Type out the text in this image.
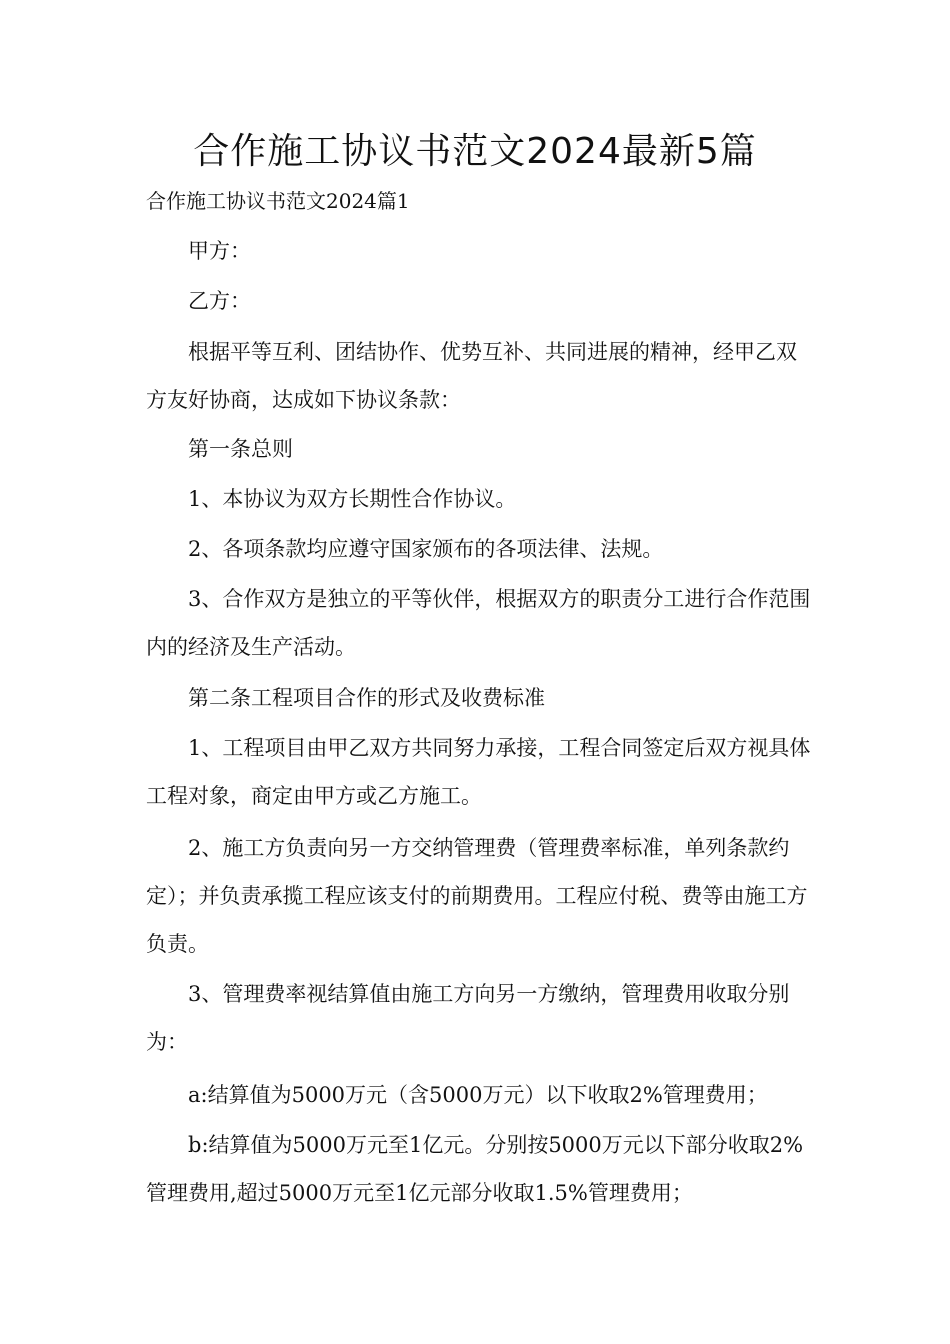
合作施工协议书范文2024最新5篇
合作施工协议书范文2024篇1

甲方：

乙方：

根据平等互利、团结协作、优势互补、共同进展的精神，经甲乙双方友好协商，达成如下协议条款：

第一条总则

1、本协议为双方长期性合作协议。

2、各项条款均应遵守国家颁布的各项法律、法规。

3、合作双方是独立的平等伙伴，根据双方的职责分工进行合作范围内的经济及生产活动。

第二条工程项目合作的形式及收费标准

1、工程项目由甲乙双方共同努力承接，工程合同签定后双方视具体工程对象，商定由甲方或乙方施工。

2、施工方负责向另一方交纳管理费（管理费率标准，单列条款约定）；并负责承揽工程应该支付的前期费用。工程应付税、费等由施工方负责。

3、管理费率视结算值由施工方向另一方缴纳，管理费用收取分别为：

a:结算值为5000万元（含5000万元）以下收取2%管理费用；

b:结算值为5000万元至1亿元。分别按5000万元以下部分收取2%管理费用,超过5000万元至1亿元部分收取1.5%管理费用；
